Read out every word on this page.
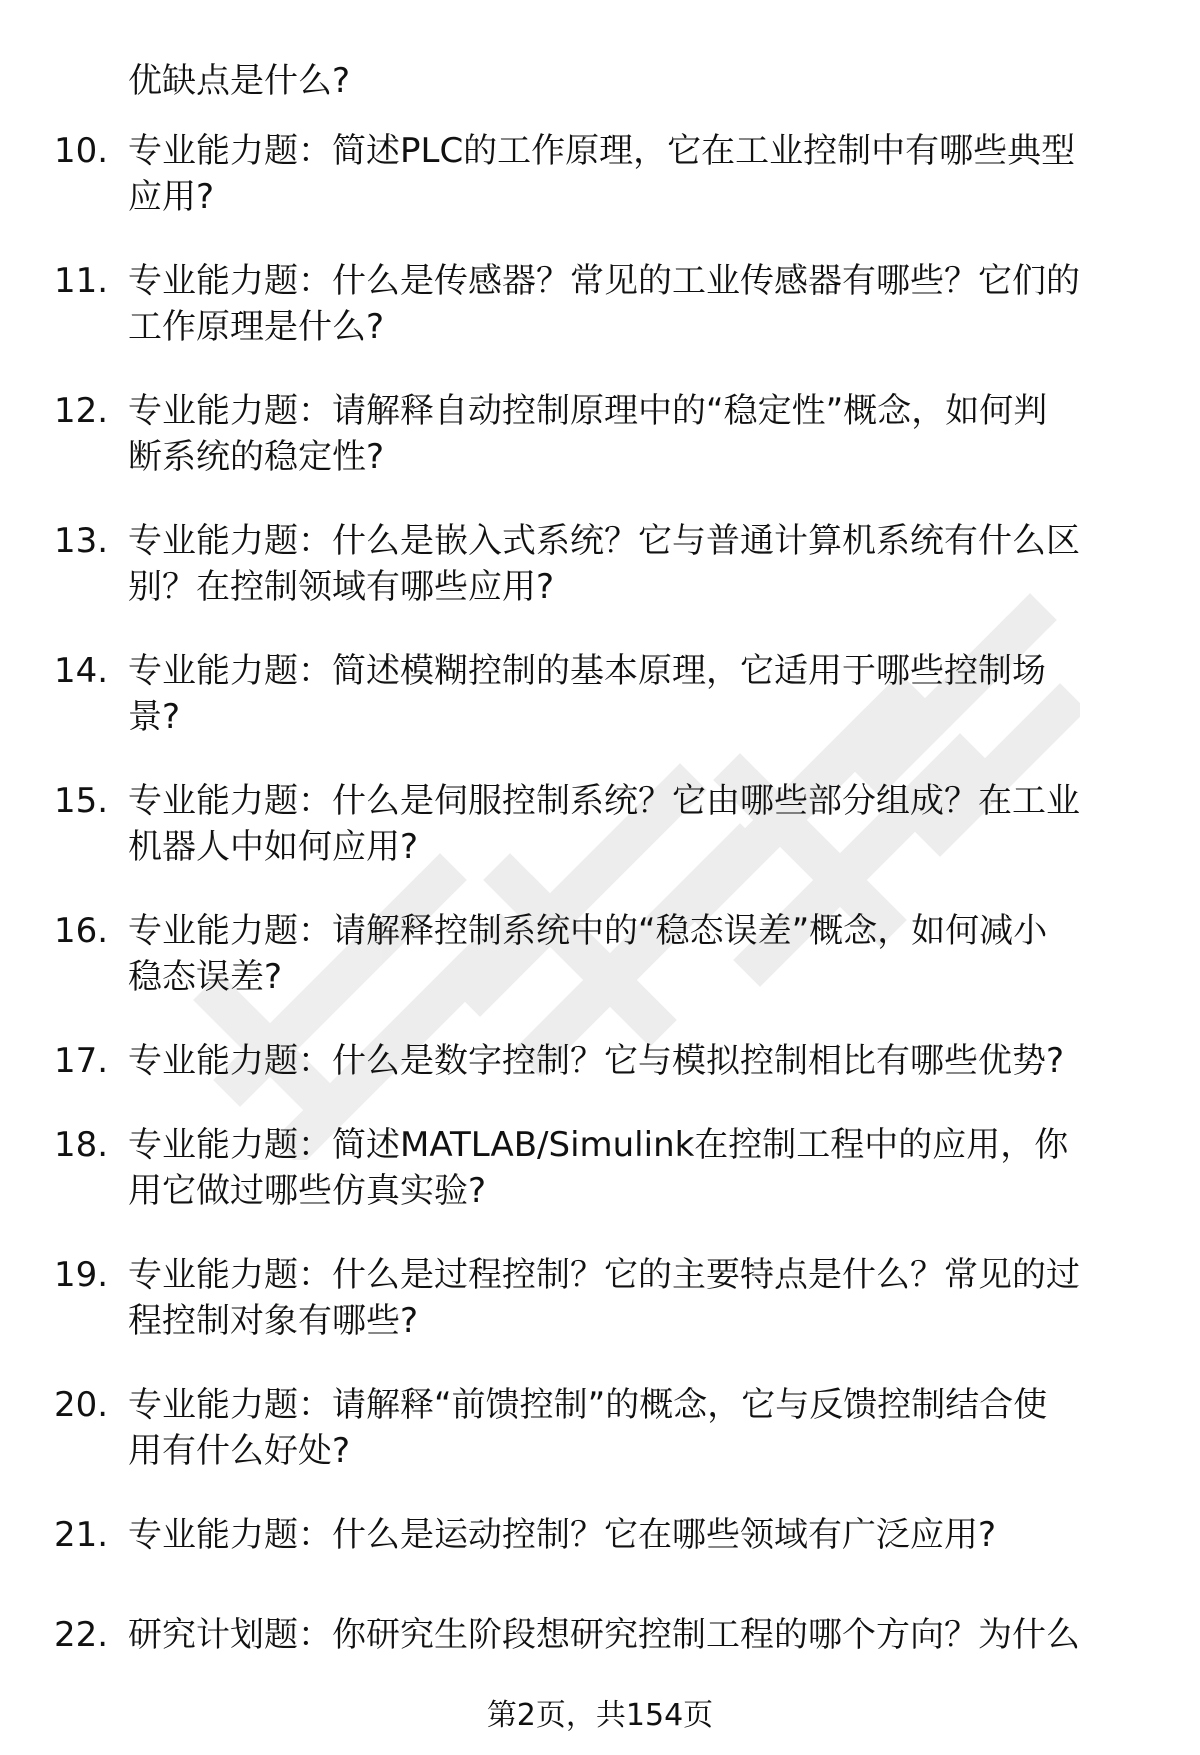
优缺点是什么?
10. 专业能力题：简述PLC的工作原理，它在工业控制中有哪些典型
应用?
11. 专业能力题：什么是传感器？常见的工业传感器有哪些？它们的
工作原理是什么?
12. 专业能力题：请解释自动控制原理中的“稳定性”概念，如何判
断系统的稳定性?
13. 专业能力题：什么是嵌入式系统？它与普通计算机系统有什么区
别？在控制领域有哪些应用?
14. 专业能力题：简述模糊控制的基本原理，它适用于哪些控制场
景?
15. 专业能力题：什么是伺服控制系统？它由哪些部分组成？在工业
机器人中如何应用?
16. 专业能力题：请解释控制系统中的“稳态误差”概念，如何减小
稳态误差?
17. 专业能力题：什么是数字控制？它与模拟控制相比有哪些优势?
18. 专业能力题：简述MATLAB/Simulink在控制工程中的应用，你
用它做过哪些仿真实验?
19. 专业能力题：什么是过程控制？它的主要特点是什么？常见的过
程控制对象有哪些?
20. 专业能力题：请解释“前馈控制”的概念，它与反馈控制结合使
用有什么好处?
21. 专业能力题：什么是运动控制？它在哪些领域有广泛应用?
22. 研究计划题：你研究生阶段想研究控制工程的哪个方向？为什么
第2页，共154页
